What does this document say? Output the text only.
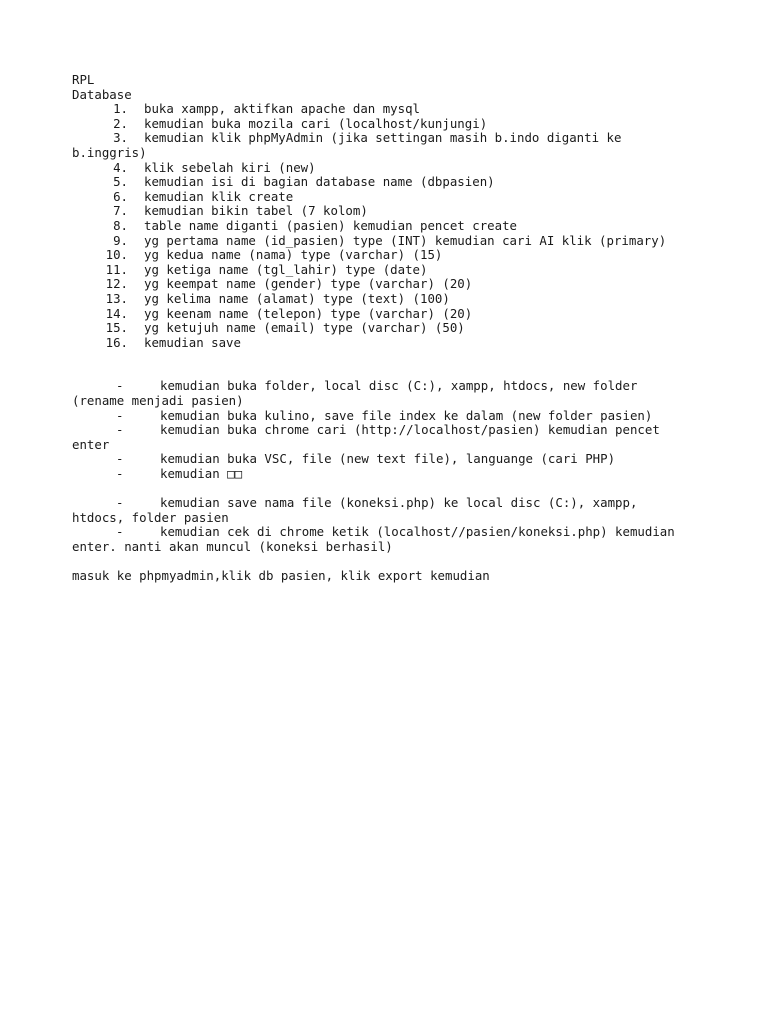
RPL
Database
1.	buka xampp, aktifkan apache dan mysql
2.	kemudian buka mozila cari (localhost/kunjungi)
3.	kemudian klik phpMyAdmin (jika settingan masih b.indo diganti ke
b.inggris)
4.	klik sebelah kiri (new)
5.	kemudian isi di bagian database name (dbpasien)
6.	kemudian klik create
7.	kemudian bikin tabel (7 kolom)
8.	table name diganti (pasien) kemudian pencet create
9.	yg pertama name (id_pasien) type (INT) kemudian cari AI klik (primary)
10.	yg kedua name (nama) type (varchar) (15)
11.	yg ketiga name (tgl_lahir) type (date)
12.	yg keempat name (gender) type (varchar) (20)
13.	yg kelima name (alamat) type (text) (100)
14.	yg keenam name (telepon) type (varchar) (20)
15.	yg ketujuh name (email) type (varchar) (50)
16.	kemudian save
-	kemudian buka folder, local disc (C:), xampp, htdocs, new folder
(rename menjadi pasien)
-	kemudian buka kulino, save file index ke dalam (new folder pasien)
-	kemudian buka chrome cari (http://localhost/pasien) kemudian pencet
enter
-	kemudian buka VSC, file (new text file), languange (cari PHP)
-	kemudian □□
-	kemudian save nama file (koneksi.php) ke local disc (C:), xampp,
htdocs, folder pasien
-	kemudian cek di chrome ketik (localhost//pasien/koneksi.php) kemudian
enter. nanti akan muncul (koneksi berhasil)
masuk ke phpmyadmin,klik db pasien, klik export kemudian
